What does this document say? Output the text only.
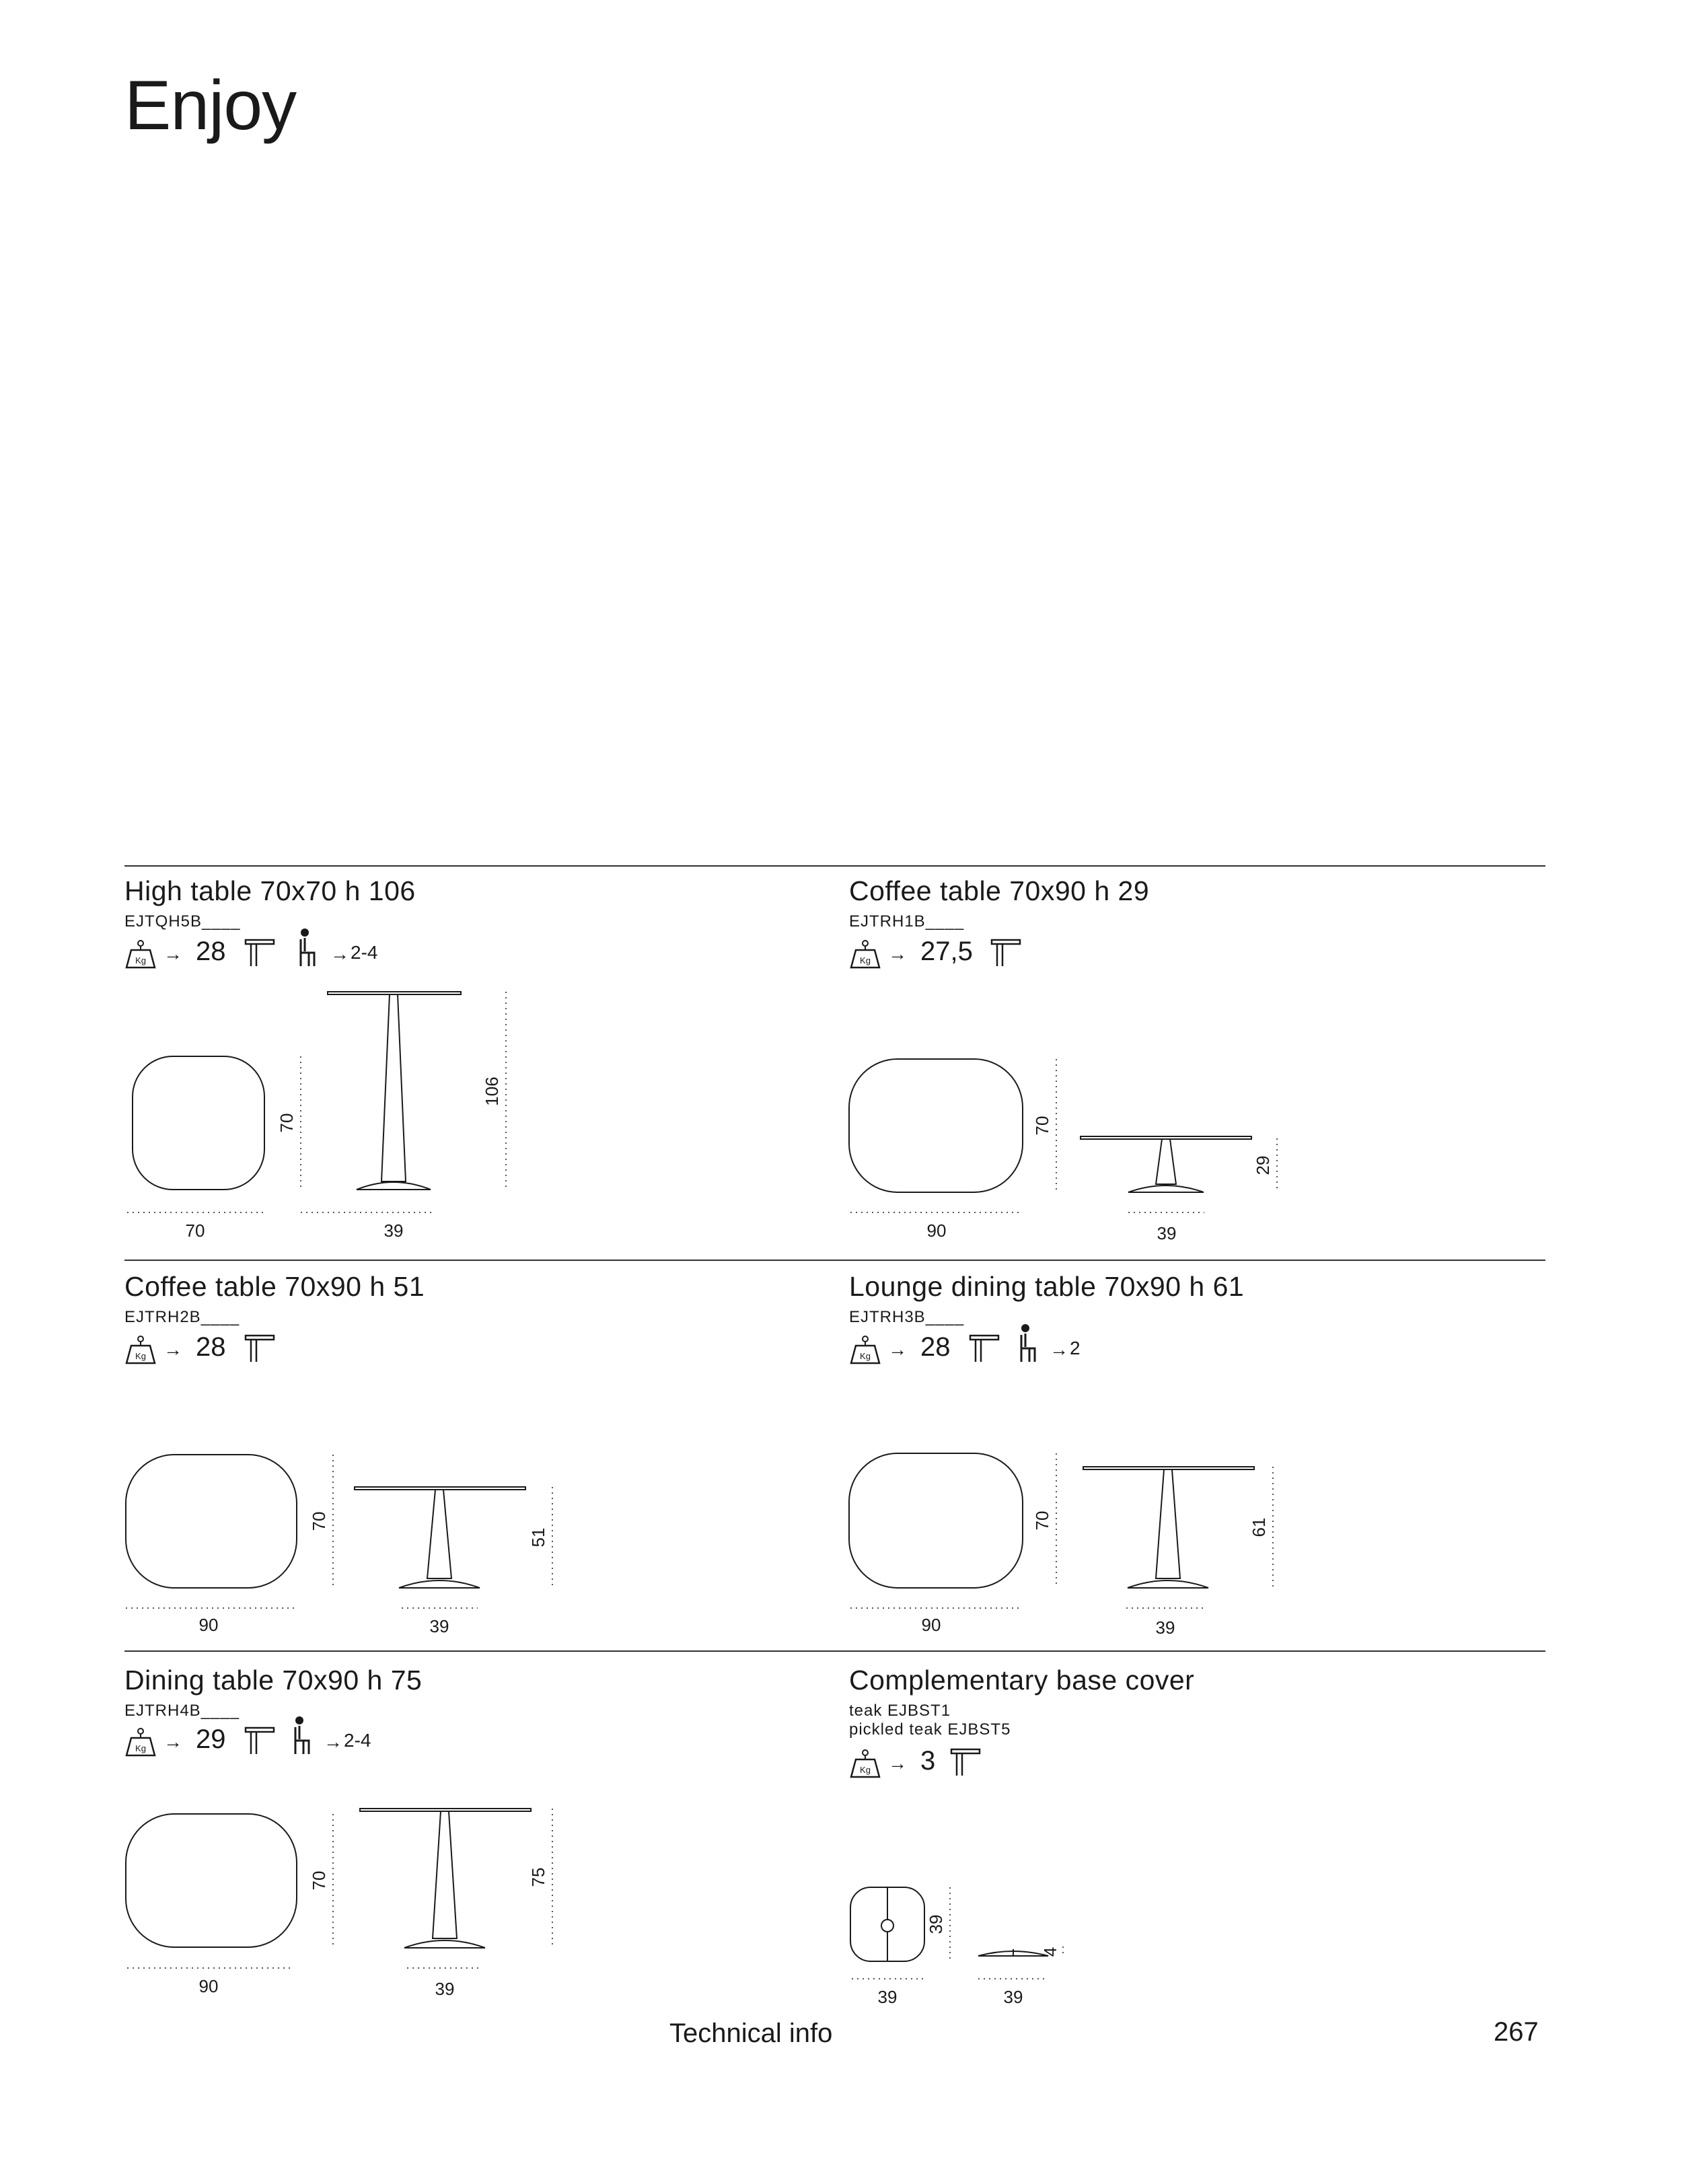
Enjoy
High table 70x70 h 106
EJTQH5B____
Kg → 28	→ 2-4
70	39
70
106
Coffee table 70x90 h 29
EJTRH1B____
Kg → 27,5
90	39
70
29
Coffee table 70x90 h 51
EJTRH2B____
Kg → 28
90	39
70
51
Lounge dining table 70x90 h 61
EJTRH3B____
Kg → 28	→ 2
90	39
70	61
Dining table 70x90 h 75
EJTRH4B____
Kg → 29	→ 2-4
90	39
70	75
Complementary base cover
teak EJBST1
pickled teak EJBST5
Kg → 3
39	39
39
4
Technical info	267
